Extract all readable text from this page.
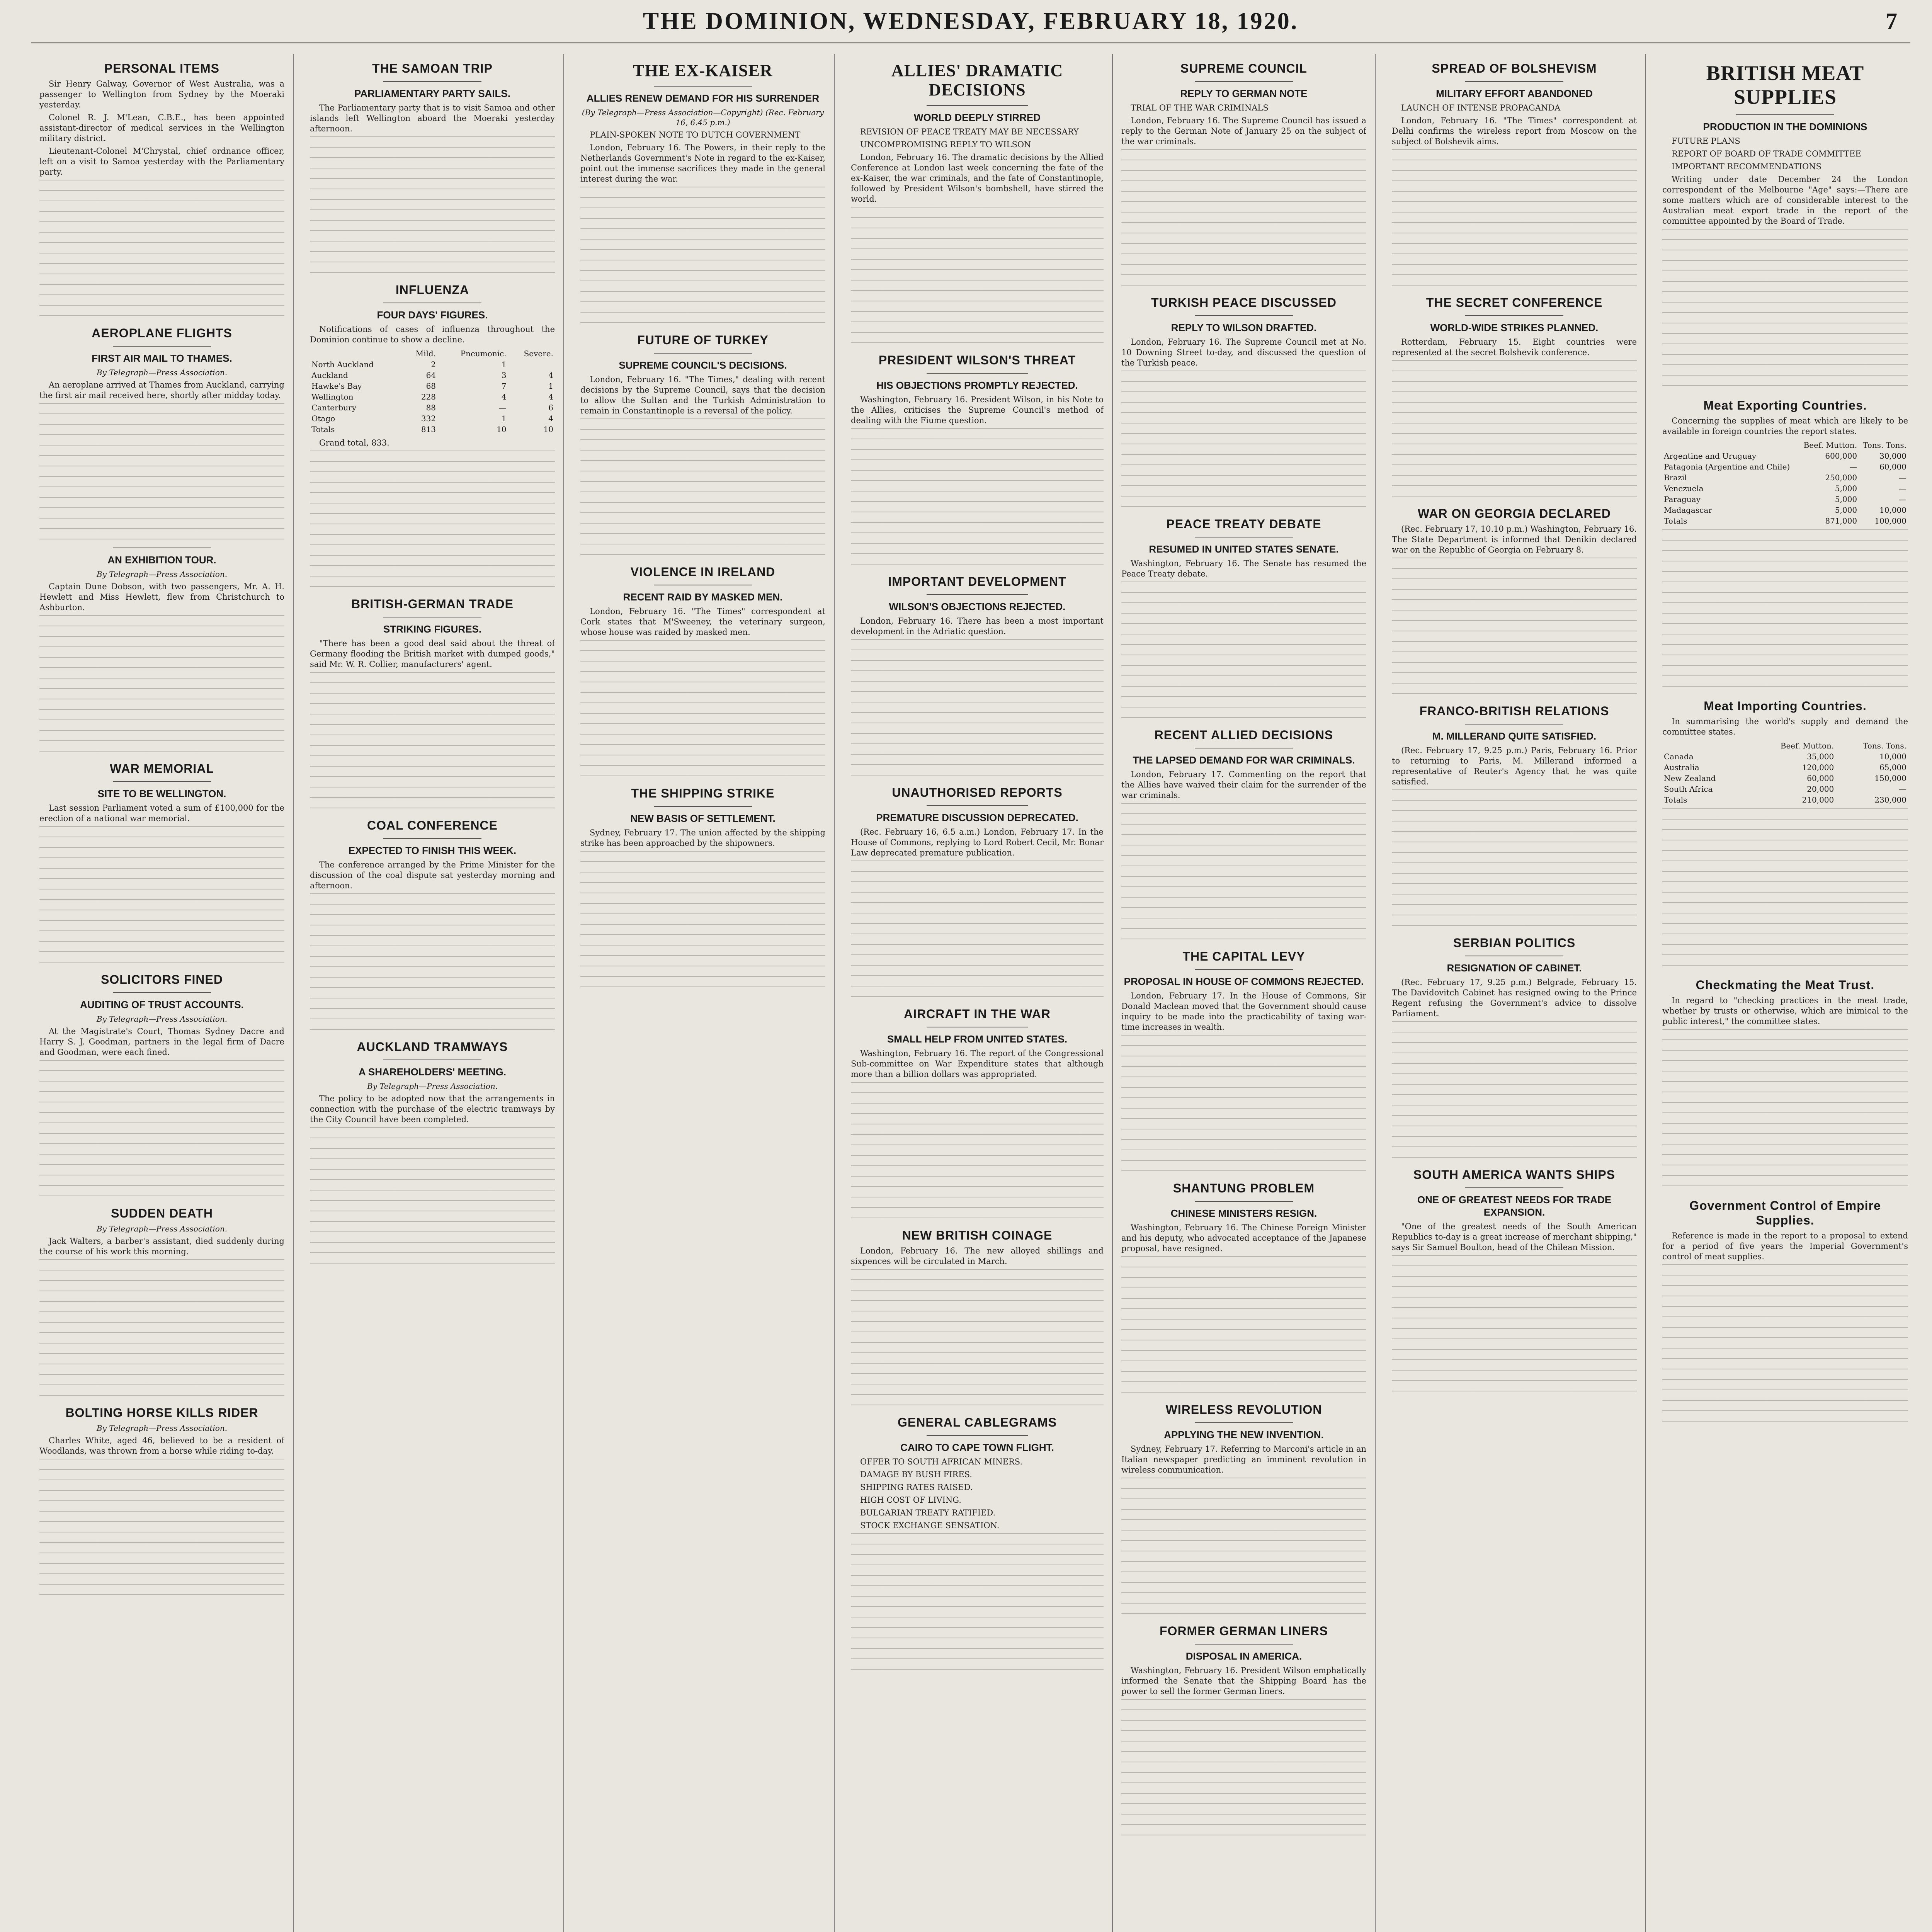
THE DOMINION, WEDNESDAY, FEBRUARY 18, 1920.	7
PERSONAL ITEMS

Sir Henry Galway, Governor of West Australia, was a passenger to Wellington from Sydney by the Moeraki yesterday.

Colonel R. J. M'Lean, C.B.E., has been appointed assistant-director of medical services in the Wellington military district.

Lieutenant-Colonel M'Chrystal, chief ordnance officer, left on a visit to Samoa yesterday with the Parliamentary party.

AEROPLANE FLIGHTS
FIRST AIR MAIL TO THAMES.
By Telegraph—Press Association.

An aeroplane arrived at Thames from Auckland, carrying the first air mail received here, shortly after midday today.

AN EXHIBITION TOUR.
By Telegraph—Press Association.

Captain Dune Dobson, with two passengers, Mr. A. H. Hewlett and Miss Hewlett, flew from Christchurch to Ashburton.

WAR MEMORIAL
SITE TO BE WELLINGTON.

Last session Parliament voted a sum of £100,000 for the erection of a national war memorial.

SOLICITORS FINED
AUDITING OF TRUST ACCOUNTS.
By Telegraph—Press Association.

At the Magistrate's Court, Thomas Sydney Dacre and Harry S. J. Goodman, partners in the legal firm of Dacre and Goodman, were each fined.

SUDDEN DEATH
By Telegraph—Press Association.

Jack Walters, a barber's assistant, died suddenly during the course of his work this morning.

BOLTING HORSE KILLS RIDER
By Telegraph—Press Association.

Charles White, aged 46, believed to be a resident of Woodlands, was thrown from a horse while riding to-day.

THE SAMOAN TRIP
PARLIAMENTARY PARTY SAILS.

The Parliamentary party that is to visit Samoa and other islands left Wellington aboard the Moeraki yesterday afternoon.

INFLUENZA
FOUR DAYS' FIGURES.

Notifications of cases of influenza throughout the Dominion continue to show a decline.

	Mild.	Pneumonic.	Severe.
North Auckland	2	1	
Auckland	64	3	4
Hawke's Bay	68	7	1
Wellington	228	4	4
Canterbury	88	—	6
Otago	332	1	4
Totals	813	10	10

Grand total, 833.

BRITISH-GERMAN TRADE
STRIKING FIGURES.

"There has been a good deal said about the threat of Germany flooding the British market with dumped goods," said Mr. W. R. Collier, manufacturers' agent.

COAL CONFERENCE
EXPECTED TO FINISH THIS WEEK.

The conference arranged by the Prime Minister for the discussion of the coal dispute sat yesterday morning and afternoon.

AUCKLAND TRAMWAYS
A SHAREHOLDERS' MEETING.
By Telegraph—Press Association.

The policy to be adopted now that the arrangements in connection with the purchase of the electric tramways by the City Council have been completed.

THE EX-KAISER
ALLIES RENEW DEMAND FOR HIS SURRENDER
(By Telegraph—Press Association—Copyright) (Rec. February 16, 6.45 p.m.)

PLAIN-SPOKEN NOTE TO DUTCH GOVERNMENT

London, February 16. The Powers, in their reply to the Netherlands Government's Note in regard to the ex-Kaiser, point out the immense sacrifices they made in the general interest during the war.

FUTURE OF TURKEY
SUPREME COUNCIL'S DECISIONS.

London, February 16. "The Times," dealing with recent decisions by the Supreme Council, says that the decision to allow the Sultan and the Turkish Administration to remain in Constantinople is a reversal of the policy.

VIOLENCE IN IRELAND
RECENT RAID BY MASKED MEN.

London, February 16. "The Times" correspondent at Cork states that M'Sweeney, the veterinary surgeon, whose house was raided by masked men.

THE SHIPPING STRIKE
NEW BASIS OF SETTLEMENT.

Sydney, February 17. The union affected by the shipping strike has been approached by the shipowners.

ALLIES' DRAMATIC DECISIONS
WORLD DEEPLY STIRRED

REVISION OF PEACE TREATY MAY BE NECESSARY

UNCOMPROMISING REPLY TO WILSON

London, February 16. The dramatic decisions by the Allied Conference at London last week concerning the fate of the ex-Kaiser, the war criminals, and the fate of Constantinople, followed by President Wilson's bombshell, have stirred the world.

PRESIDENT WILSON'S THREAT
HIS OBJECTIONS PROMPTLY REJECTED.

Washington, February 16. President Wilson, in his Note to the Allies, criticises the Supreme Council's method of dealing with the Fiume question.

IMPORTANT DEVELOPMENT
WILSON'S OBJECTIONS REJECTED.

London, February 16. There has been a most important development in the Adriatic question.

UNAUTHORISED REPORTS
PREMATURE DISCUSSION DEPRECATED.

(Rec. February 16, 6.5 a.m.) London, February 17. In the House of Commons, replying to Lord Robert Cecil, Mr. Bonar Law deprecated premature publication.

AIRCRAFT IN THE WAR
SMALL HELP FROM UNITED STATES.

Washington, February 16. The report of the Congressional Sub-committee on War Expenditure states that although more than a billion dollars was appropriated.

NEW BRITISH COINAGE

London, February 16. The new alloyed shillings and sixpences will be circulated in March.

GENERAL CABLEGRAMS
CAIRO TO CAPE TOWN FLIGHT.

OFFER TO SOUTH AFRICAN MINERS.

DAMAGE BY BUSH FIRES.

SHIPPING RATES RAISED.

HIGH COST OF LIVING.

BULGARIAN TREATY RATIFIED.

STOCK EXCHANGE SENSATION.

SUPREME COUNCIL
REPLY TO GERMAN NOTE

TRIAL OF THE WAR CRIMINALS

London, February 16. The Supreme Council has issued a reply to the German Note of January 25 on the subject of the war criminals.

TURKISH PEACE DISCUSSED
REPLY TO WILSON DRAFTED.

London, February 16. The Supreme Council met at No. 10 Downing Street to-day, and discussed the question of the Turkish peace.

PEACE TREATY DEBATE
RESUMED IN UNITED STATES SENATE.

Washington, February 16. The Senate has resumed the Peace Treaty debate.

RECENT ALLIED DECISIONS
THE LAPSED DEMAND FOR WAR CRIMINALS.

London, February 17. Commenting on the report that the Allies have waived their claim for the surrender of the war criminals.

THE CAPITAL LEVY
PROPOSAL IN HOUSE OF COMMONS REJECTED.

London, February 17. In the House of Commons, Sir Donald Maclean moved that the Government should cause inquiry to be made into the practicability of taxing war-time increases in wealth.

SHANTUNG PROBLEM
CHINESE MINISTERS RESIGN.

Washington, February 16. The Chinese Foreign Minister and his deputy, who advocated acceptance of the Japanese proposal, have resigned.

WIRELESS REVOLUTION
APPLYING THE NEW INVENTION.

Sydney, February 17. Referring to Marconi's article in an Italian newspaper predicting an imminent revolution in wireless communication.

FORMER GERMAN LINERS
DISPOSAL IN AMERICA.

Washington, February 16. President Wilson emphatically informed the Senate that the Shipping Board has the power to sell the former German liners.

SPREAD OF BOLSHEVISM
MILITARY EFFORT ABANDONED

LAUNCH OF INTENSE PROPAGANDA

London, February 16. "The Times" correspondent at Delhi confirms the wireless report from Moscow on the subject of Bolshevik aims.

THE SECRET CONFERENCE
WORLD-WIDE STRIKES PLANNED.

Rotterdam, February 15. Eight countries were represented at the secret Bolshevik conference.

WAR ON GEORGIA DECLARED

(Rec. February 17, 10.10 p.m.) Washington, February 16. The State Department is informed that Denikin declared war on the Republic of Georgia on February 8.

FRANCO-BRITISH RELATIONS
M. MILLERAND QUITE SATISFIED.

(Rec. February 17, 9.25 p.m.) Paris, February 16. Prior to returning to Paris, M. Millerand informed a representative of Reuter's Agency that he was quite satisfied.

SERBIAN POLITICS
RESIGNATION OF CABINET.

(Rec. February 17, 9.25 p.m.) Belgrade, February 15. The Davidovitch Cabinet has resigned owing to the Prince Regent refusing the Government's advice to dissolve Parliament.

SOUTH AMERICA WANTS SHIPS
ONE OF GREATEST NEEDS FOR TRADE EXPANSION.

"One of the greatest needs of the South American Republics to-day is a great increase of merchant shipping," says Sir Samuel Boulton, head of the Chilean Mission.

BRITISH MEAT SUPPLIES
PRODUCTION IN THE DOMINIONS

FUTURE PLANS

REPORT OF BOARD OF TRADE COMMITTEE

IMPORTANT RECOMMENDATIONS

Writing under date December 24 the London correspondent of the Melbourne "Age" says:—There are some matters which are of considerable interest to the Australian meat export trade in the report of the committee appointed by the Board of Trade.

Meat Exporting Countries.

Concerning the supplies of meat which are likely to be available in foreign countries the report states.

	Beef. Mutton.	Tons. Tons.
Argentine and Uruguay	600,000	30,000
Patagonia (Argentine and Chile)	—	60,000
Brazil	250,000	—
Venezuela	5,000	—
Paraguay	5,000	—
Madagascar	5,000	10,000
Totals	871,000	100,000
Meat Importing Countries.

In summarising the world's supply and demand the committee states.

	Beef. Mutton.	Tons. Tons.
Canada	35,000	10,000
Australia	120,000	65,000
New Zealand	60,000	150,000
South Africa	20,000	—
Totals	210,000	230,000
Checkmating the Meat Trust.

In regard to "checking practices in the meat trade, whether by trusts or otherwise, which are inimical to the public interest," the committee states.

Government Control of Empire Supplies.

Reference is made in the report to a proposal to extend for a period of five years the Imperial Government's control of meat supplies.
